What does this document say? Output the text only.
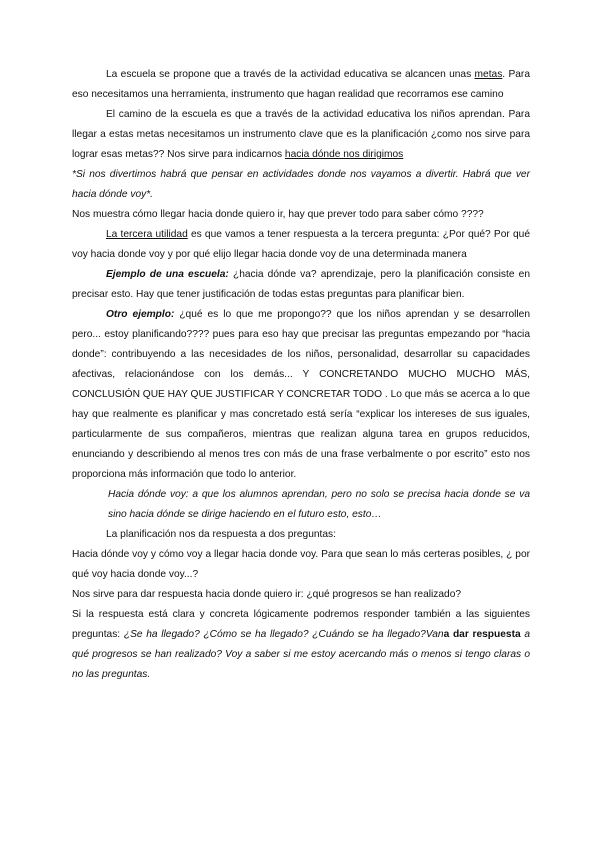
La escuela se propone que a través de la actividad educativa se alcancen unas metas. Para eso necesitamos una herramienta, instrumento que hagan realidad que recorramos ese camino

El camino de la escuela es que a través de la actividad educativa los niños aprendan. Para llegar a estas metas necesitamos un instrumento clave que es la planificación ¿como nos sirve para lograr esas metas?? Nos sirve para indicarnos hacia dónde nos dirigimos

*Si nos divertimos habrá que pensar en actividades donde nos vayamos a divertir. Habrá que ver hacia dónde voy*.

Nos muestra cómo llegar hacia donde quiero ir, hay que prever todo para saber cómo ????

La tercera utilidad es que vamos a tener respuesta a la tercera pregunta: ¿Por qué? Por qué voy hacia donde voy y por qué elijo llegar hacia donde voy de una determinada manera

Ejemplo de una escuela: ¿hacia dónde va? aprendizaje, pero la planificación consiste en precisar esto. Hay que tener justificación de todas estas preguntas para planificar bien.

Otro ejemplo: ¿qué es lo que me propongo?? que los niños aprendan y se desarrollen pero... estoy planificando???? pues para eso hay que precisar las preguntas empezando por “hacia donde”: contribuyendo a las necesidades de los niños, personalidad, desarrollar su capacidades afectivas, relacionándose con los demás... Y CONCRETANDO MUCHO MUCHO MÁS, CONCLUSIÓN QUE HAY QUE JUSTIFICAR Y CONCRETAR TODO . Lo que más se acerca a lo que hay que realmente es planificar y mas concretado está sería “explicar los intereses de sus iguales, particularmente de sus compañeros, mientras que realizan alguna tarea en grupos reducidos, enunciando y describiendo al menos tres con más de una frase verbalmente o por escrito” esto nos proporciona más información que todo lo anterior.

Hacia dónde voy: a que los alumnos aprendan, pero no solo se precisa hacia donde se va sino hacia dónde se dirige haciendo en el futuro esto, esto…

La planificación nos da respuesta a dos preguntas:

Hacia dónde voy y cómo voy a llegar hacia donde voy. Para que sean lo más certeras posibles, ¿ por qué voy hacia donde voy...?

Nos sirve para dar respuesta hacia donde quiero ir: ¿qué progresos se han realizado?

Si la respuesta está clara y concreta lógicamente podremos responder también a las siguientes preguntas: ¿Se ha llegado? ¿Cómo se ha llegado? ¿Cuándo se ha llegado?Vana dar respuesta a qué progresos se han realizado? Voy a saber si me estoy acercando más o menos si tengo claras o no las preguntas.
